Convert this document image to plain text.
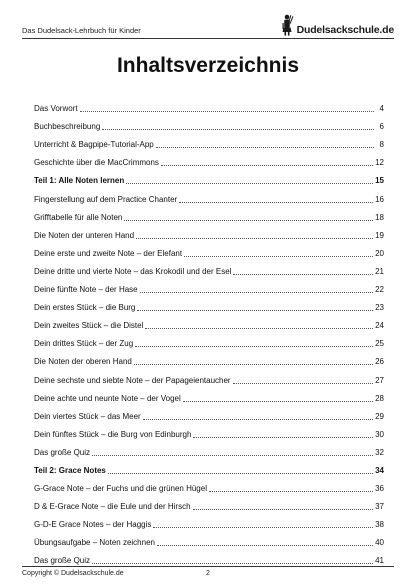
Das Dudelsack-Lehrbuch für Kinder	Dudelsackschule.de
Inhaltsverzeichnis
Das Vorwort	4
Buchbeschreibung	6
Unterricht & Bagpipe-Tutorial-App	8
Geschichte über die MacCrimmons	12
Teil 1: Alle Noten lernen	15
Fingerstellung auf dem Practice Chanter	16
Grifftabelle für alle Noten	18
Die Noten der unteren Hand	19
Deine erste und zweite Note – der Elefant	20
Deine dritte und vierte Note – das Krokodil und der Esel	21
Deine fünfte Note – der Hase	22
Dein erstes Stück – die Burg	23
Dein zweites Stück – die Distel	24
Dein drittes Stück – der Zug	25
Die Noten der oberen Hand	26
Deine sechste und siebte Note – der Papageientaucher	27
Deine achte und neunte Note – der Vogel	28
Dein viertes Stück – das Meer	29
Dein fünftes Stück – die Burg von Edinburgh	30
Das große Quiz	32
Teil 2: Grace Notes	34
G-Grace Note – der Fuchs und die grünen Hügel	36
D & E-Grace Note – die Eule und der Hirsch	37
G-D-E Grace Notes – der Haggis	38
Übungsaufgabe – Noten zeichnen	40
Das große Quiz	41
Copyright © Dudelsackschule.de	2
